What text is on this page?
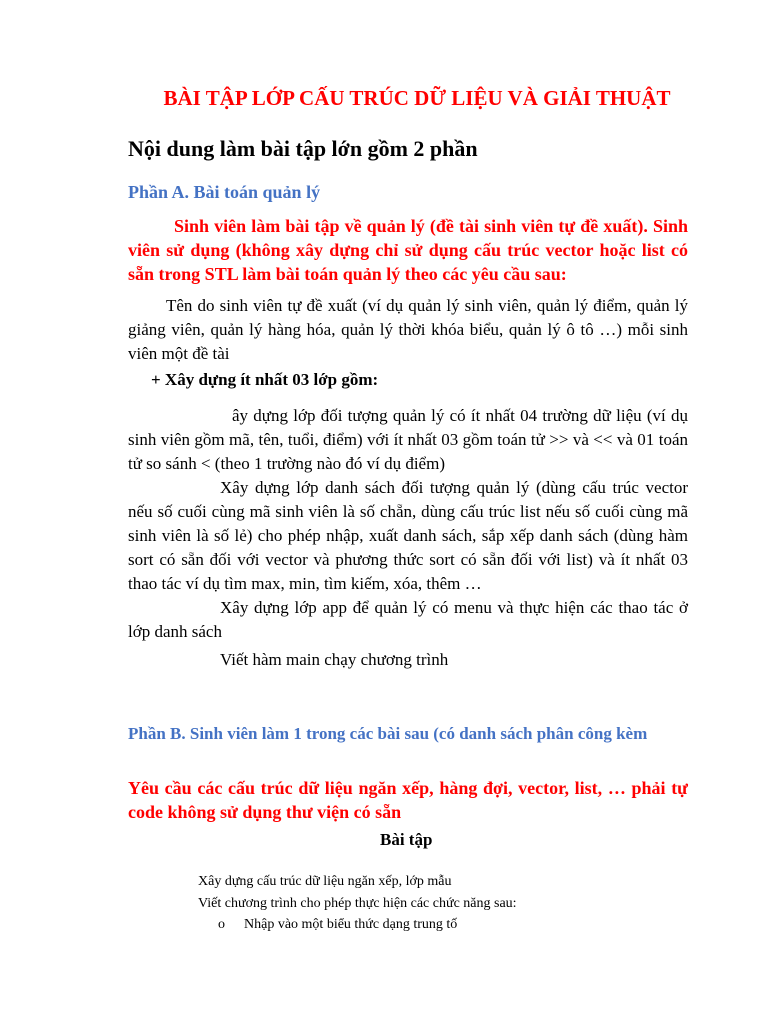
BÀI TẬP LỚP CẤU TRÚC DỮ LIỆU VÀ GIẢI THUẬT
Nội dung làm bài tập lớn gồm 2 phần
Phần A. Bài toán quản lý

Sinh viên làm bài tập về quản lý (đề tài sinh viên tự đề xuất). Sinh viên sử dụng (không xây dựng chỉ sử dụng cấu trúc vector hoặc list có sẵn trong STL làm bài toán quản lý theo các yêu cầu sau:

Tên do sinh viên tự đề xuất (ví dụ quản lý sinh viên, quản lý điểm, quản lý giảng viên, quản lý hàng hóa, quản lý thời khóa biểu, quản lý ô tô …) mỗi sinh viên một đề tài

+ Xây dựng ít nhất 03 lớp gồm:

ây dựng lớp đối tượng quản lý có ít nhất 04 trường dữ liệu (ví dụ sinh viên gồm mã, tên, tuổi, điểm) với ít nhất 03 gồm toán tử >> và << và 01 toán tử so sánh < (theo 1 trường nào đó ví dụ điểm)

Xây dựng lớp danh sách đối tượng quản lý (dùng cấu trúc vector nếu số cuối cùng mã sinh viên là số chẵn, dùng cấu trúc list nếu số cuối cùng mã sinh viên là số lẻ) cho phép nhập, xuất danh sách, sắp xếp danh sách (dùng hàm sort có sẵn đối với vector và phương thức sort có sẵn đối với list) và ít nhất 03 thao tác ví dụ tìm max, min, tìm kiếm, xóa, thêm …

Xây dựng lớp app để quản lý có menu và thực hiện các thao tác ở lớp danh sách

Viết hàm main chạy chương trình

Phần B. Sinh viên làm 1 trong các bài sau (có danh sách phân công kèm

Yêu cầu các cấu trúc dữ liệu ngăn xếp, hàng đợi, vector, list, … phải tự code không sử dụng thư viện có sẵn

Bài tập

Xây dựng cấu trúc dữ liệu ngăn xếp, lớp mẫu

Viết chương trình cho phép thực hiện các chức năng sau:

o Nhập vào một biểu thức dạng trung tố
